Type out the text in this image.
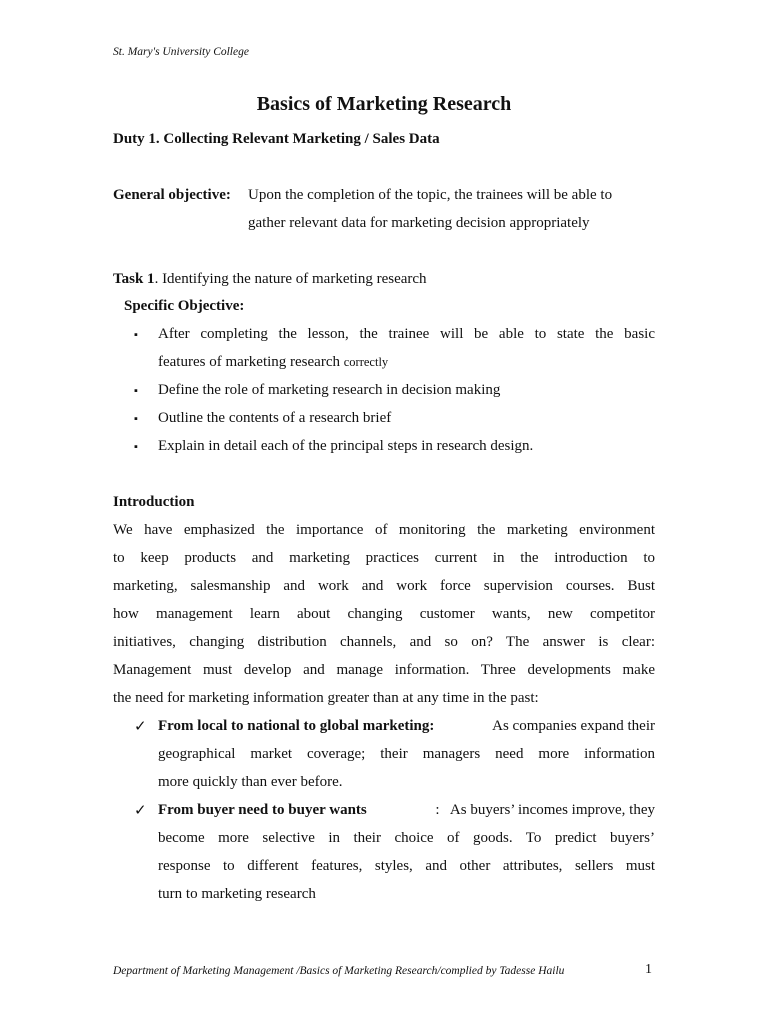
St. Mary's University College
Basics of Marketing Research
Duty 1. Collecting Relevant Marketing / Sales Data
General objective: Upon the completion of the topic, the trainees will be able to
gather relevant data for marketing decision appropriately
Task 1. Identifying the nature of marketing research
Specific Objective:
▪ After completing the lesson, the trainee will be able to state the basic
features of marketing research correctly
▪ Define the role of marketing research in decision making
▪ Outline the contents of a research brief
▪ Explain in detail each of the principal steps in research design.
Introduction
We have emphasized the importance of monitoring the marketing environment
to keep products and marketing practices current in the introduction to
marketing, salesmanship and work and work force supervision courses. Bust
how management learn about changing customer wants, new competitor
initiatives, changing distribution channels, and so on? The answer is clear:
Management must develop and manage information. Three developments make
the need for marketing information greater than at any time in the past:
✓ From local to national to global marketing:	As companies expand their
geographical market coverage; their managers need more information
more quickly than ever before.
✓ From buyer need to buyer wants	:   As buyers’ incomes improve, they
become more selective in their choice of goods. To predict buyers’
response to different features, styles, and other attributes, sellers must
turn to marketing research
Department of Marketing Management /Basics of Marketing Research/complied by Tadesse Hailu	1
